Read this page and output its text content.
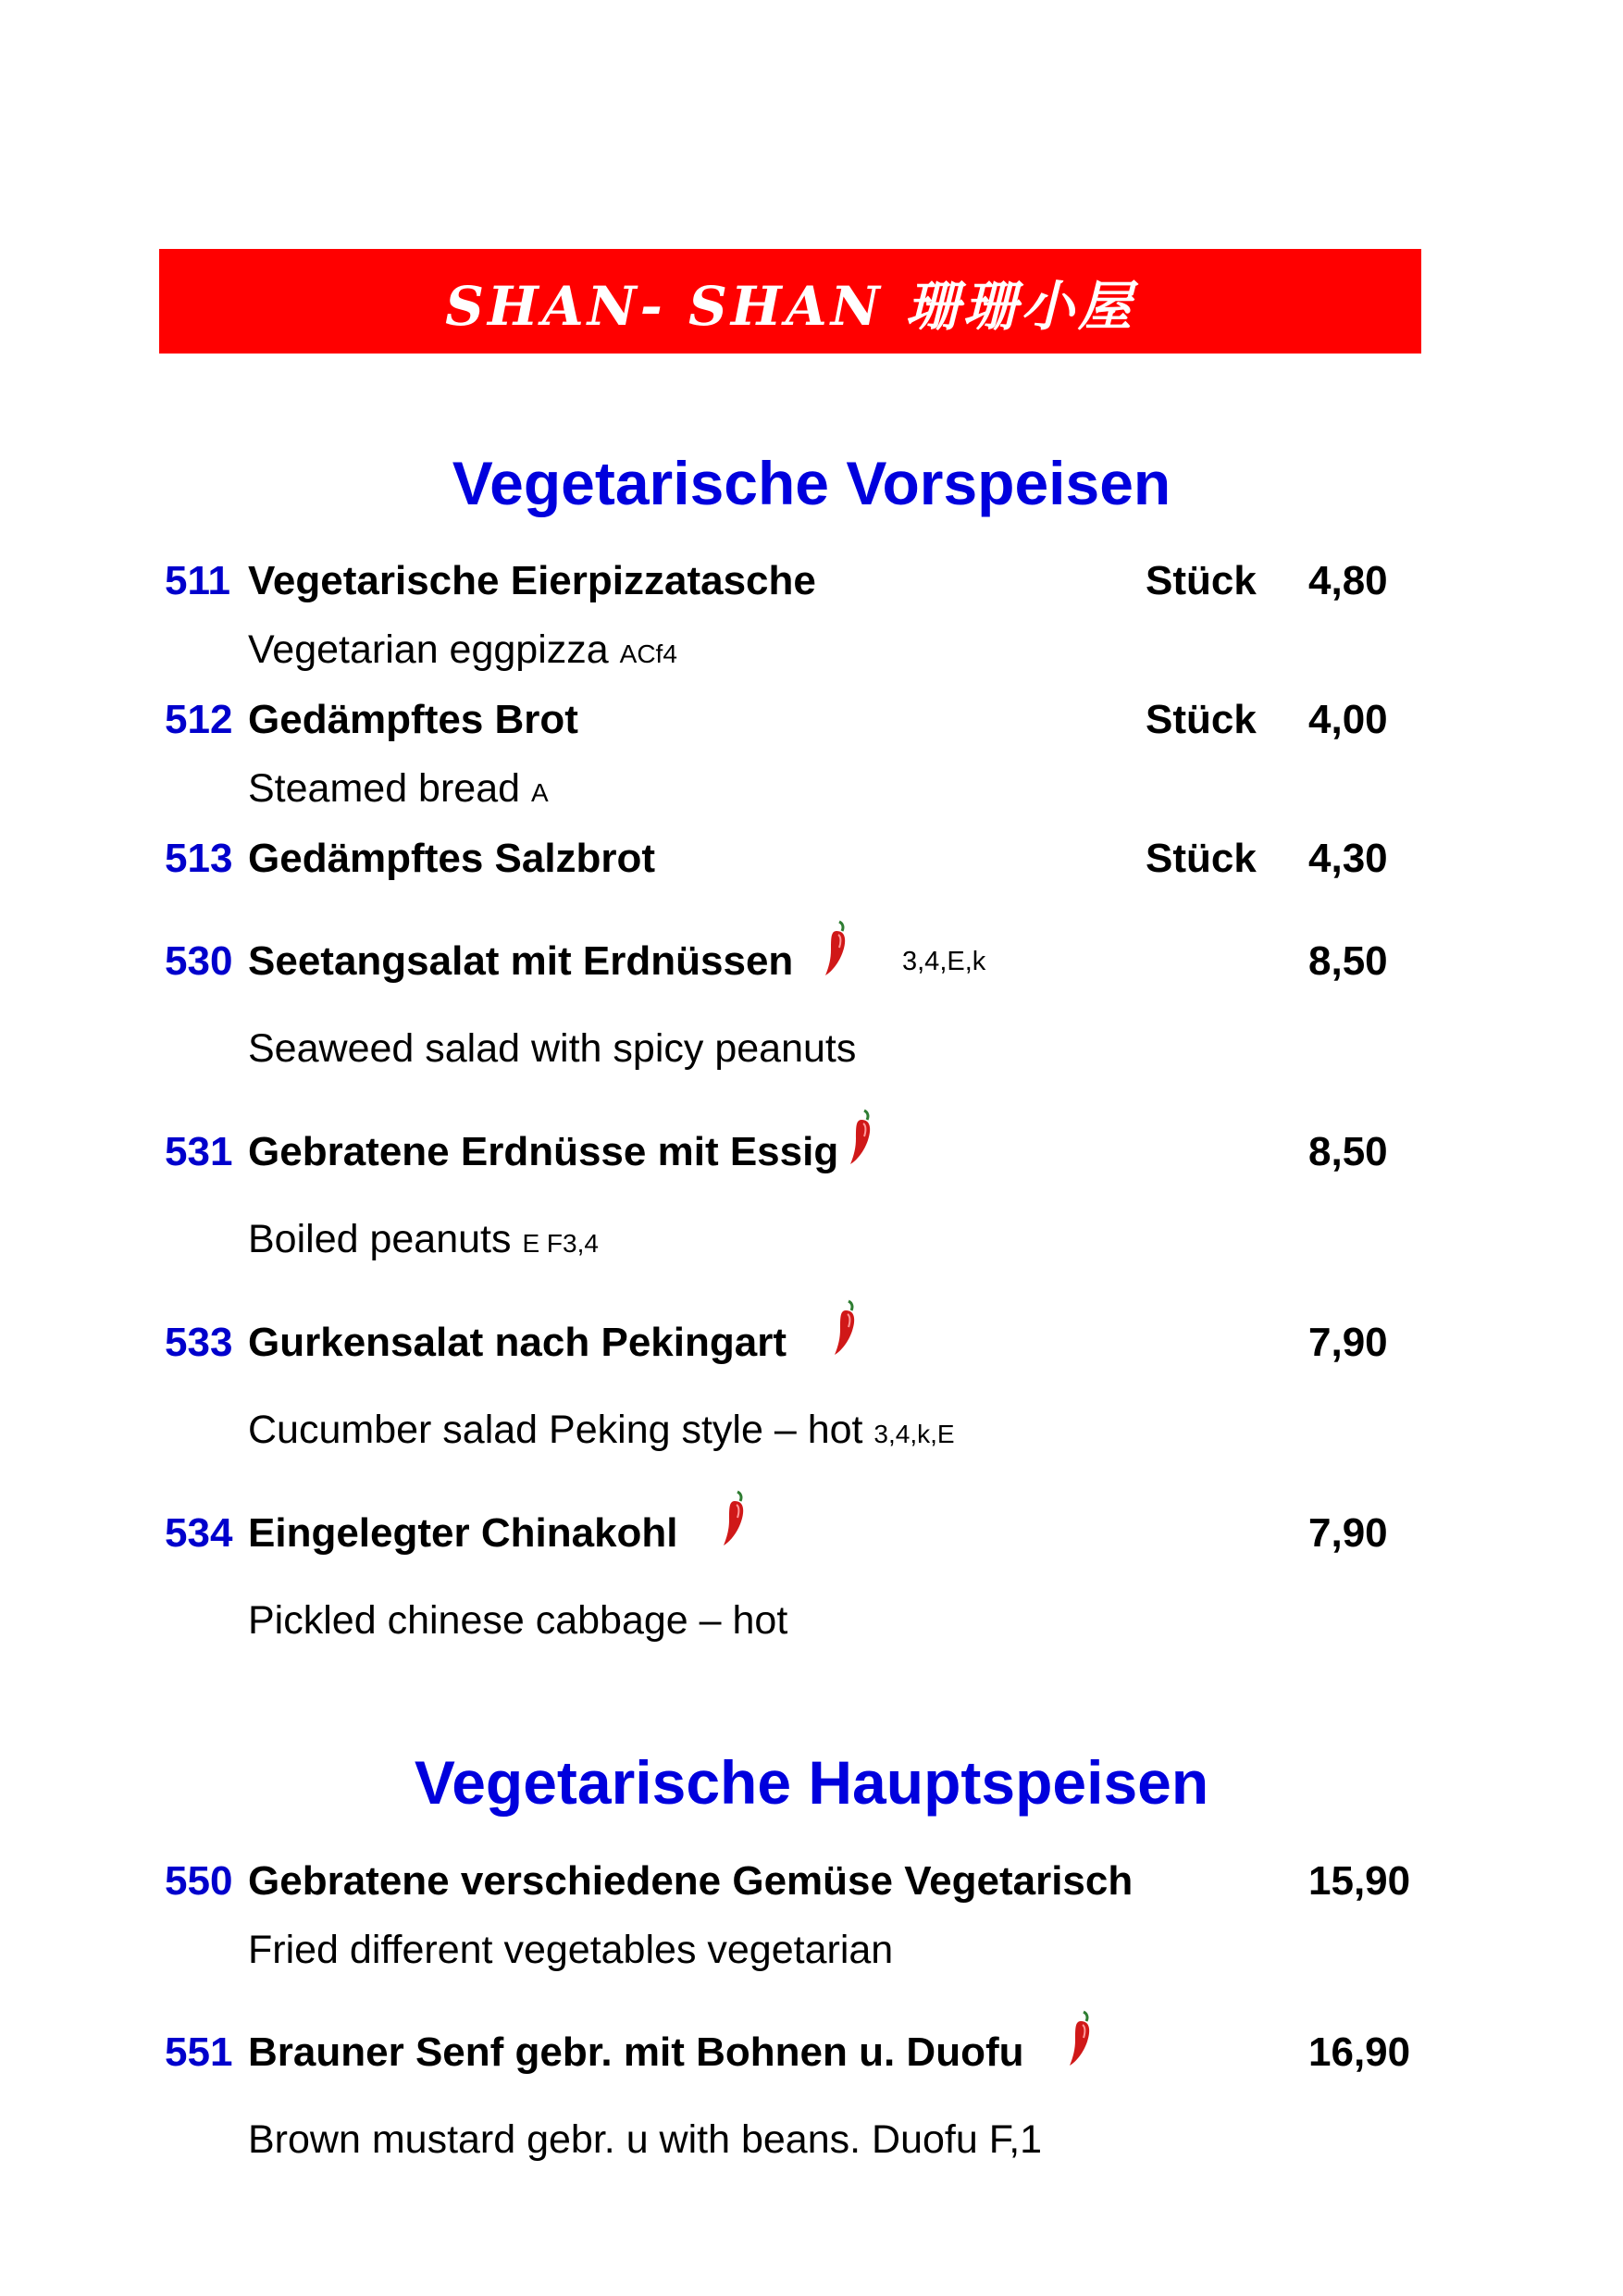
SHAN- SHAN 珊珊小屋
Vegetarische Vorspeisen
511 Vegetarische Eierpizzatasche	Stück 4,80
Vegetarian eggpizza ACf4
512 Gedämpftes Brot	Stück 4,00
Steamed bread A
513 Gedämpftes Salzbrot	Stück 4,30
530 Seetangsalat mit Erdnüssen	3,4,E,k	8,50
Seaweed salad with spicy peanuts
531 Gebratene Erdnüsse mit Essig	8,50
Boiled peanuts E F3,4
533 Gurkensalat nach Pekingart	7,90
Cucumber salad Peking style – hot 3,4,k,E
534 Eingelegter Chinakohl	7,90
Pickled chinese cabbage – hot
Vegetarische Hauptspeisen
550 Gebratene verschiedene Gemüse Vegetarisch	15,90
Fried different vegetables vegetarian
551 Brauner Senf gebr. mit Bohnen u. Duofu	16,90
Brown mustard gebr. u with beans. Duofu F,1
